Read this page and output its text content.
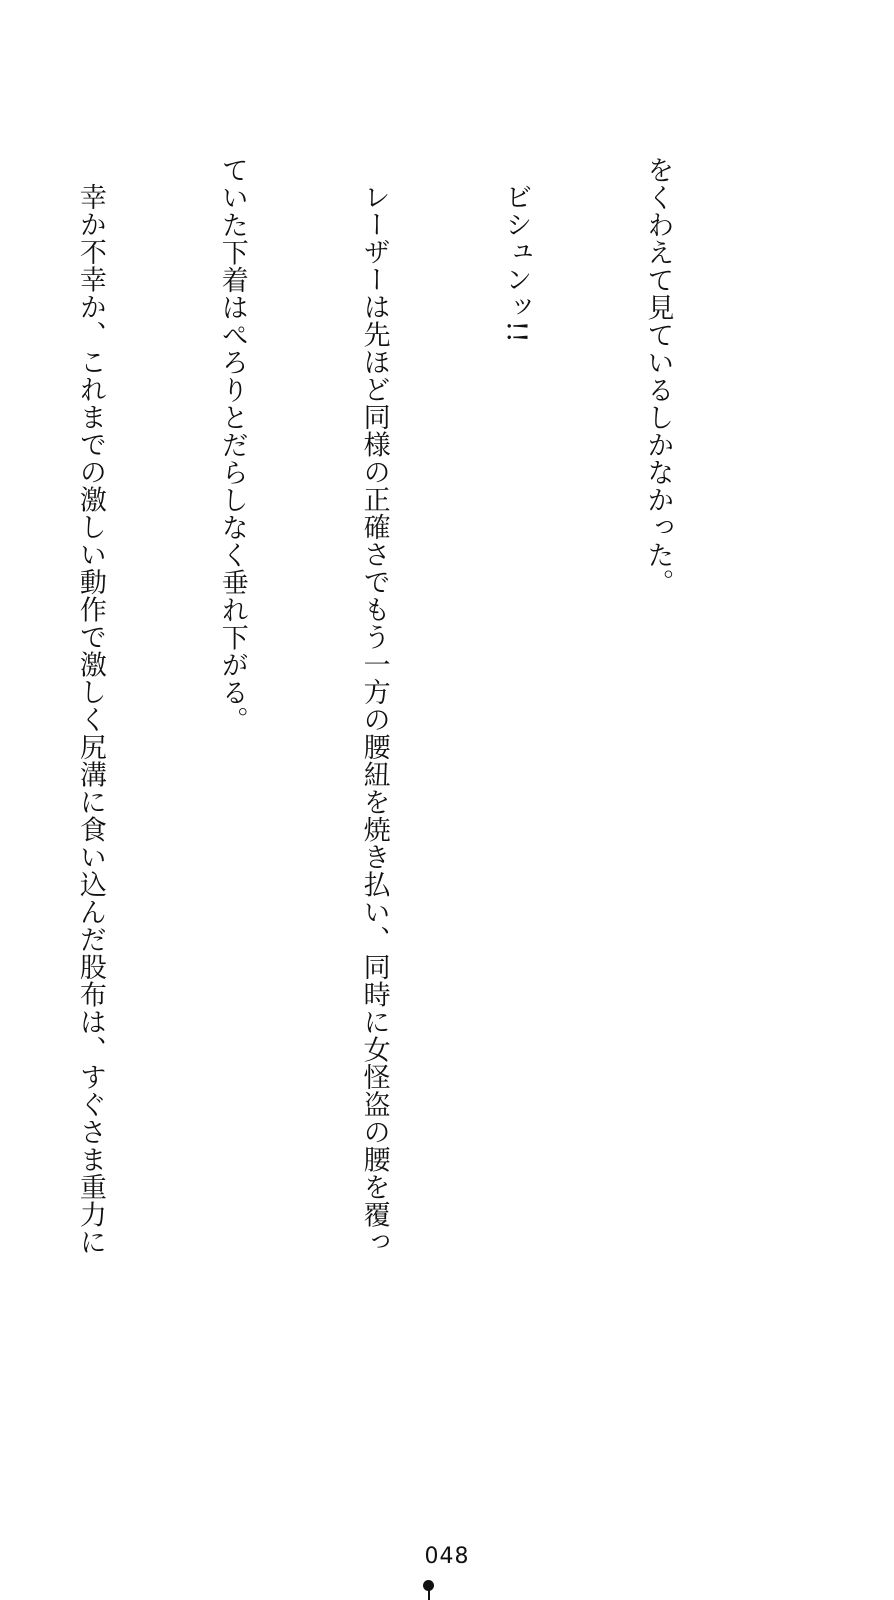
をくわえて見ているしかなかった。

ビシュンッ!!

レーザーは先ほど同様の正確さでもう一方の腰紐を焼き払い、同時に女怪盗の腰を覆っ

ていた下着はぺろりとだらしなく垂れ下がる。

幸か不幸か、これまでの激しい動作で激しく尻溝に食い込んだ股布は、すぐさま重力に

048
